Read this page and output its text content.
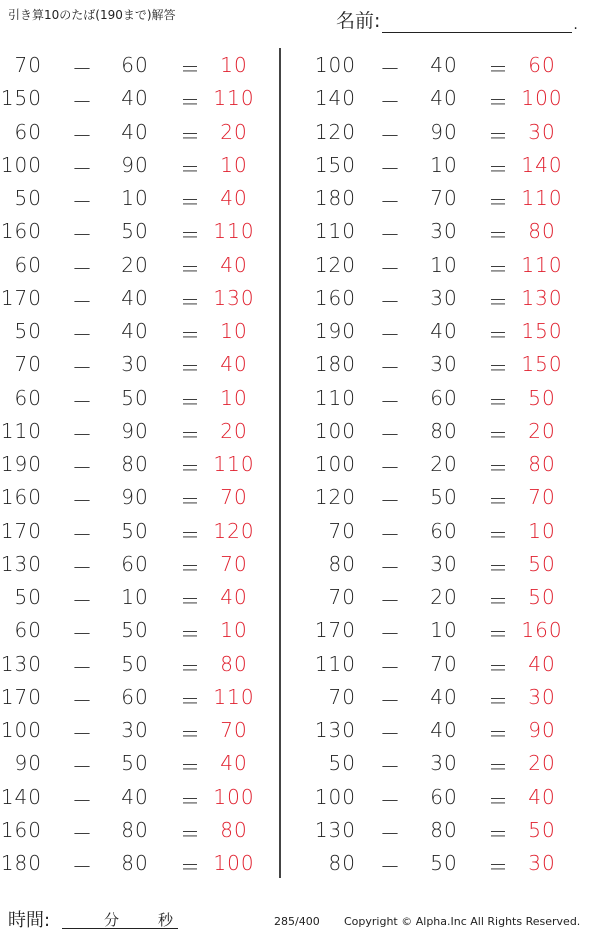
引き算10のたば(190まで)解答	名前:	.
70 －	60	＝ 10
150 －	40	＝ 110
60 －	40	＝ 20
100 －	90	＝ 10
50 －	10	＝ 40
160 －	50	＝ 110
60 －	20	＝ 40
170 －	40	＝ 130
50 －	40	＝ 10
70 －	30	＝ 40
60 －	50	＝ 10
110 －	90	＝ 20
190 －	80	＝ 110
160 －	90	＝ 70
170 －	50	＝ 120
130 －	60	＝ 70
50 －	10	＝ 40
60 －	50	＝ 10
130 －	50	＝ 80
170 －	60	＝ 110
100 －	30	＝ 70
90 －	50	＝ 40
140 －	40	＝ 100
160 －	80	＝ 80
180 －	80	＝ 100
100 －	40	＝ 60
140 －	40	＝ 100
120 －	90	＝ 30
150 －	10	＝ 140
180 －	70	＝ 110
110 －	30	＝ 80
120 －	10	＝ 110
160 －	30	＝ 130
190 －	40	＝ 150
180 －	30	＝ 150
110 －	60	＝ 50
100 －	80	＝ 20
100 －	20	＝ 80
120 －	50	＝ 70
70 －	60	＝ 10
80 －	30	＝ 50
70 －	20	＝ 50
170 －	10	＝ 160
110 －	70	＝ 40
70 －	40	＝ 30
130 －	40	＝ 90
50 －	30	＝ 20
100 －	60	＝ 40
130 －	80	＝ 50
80 －	50	＝ 30
時間:	分	秒	285/400 Copyright © Alpha.Inc All Rights Reserved.
